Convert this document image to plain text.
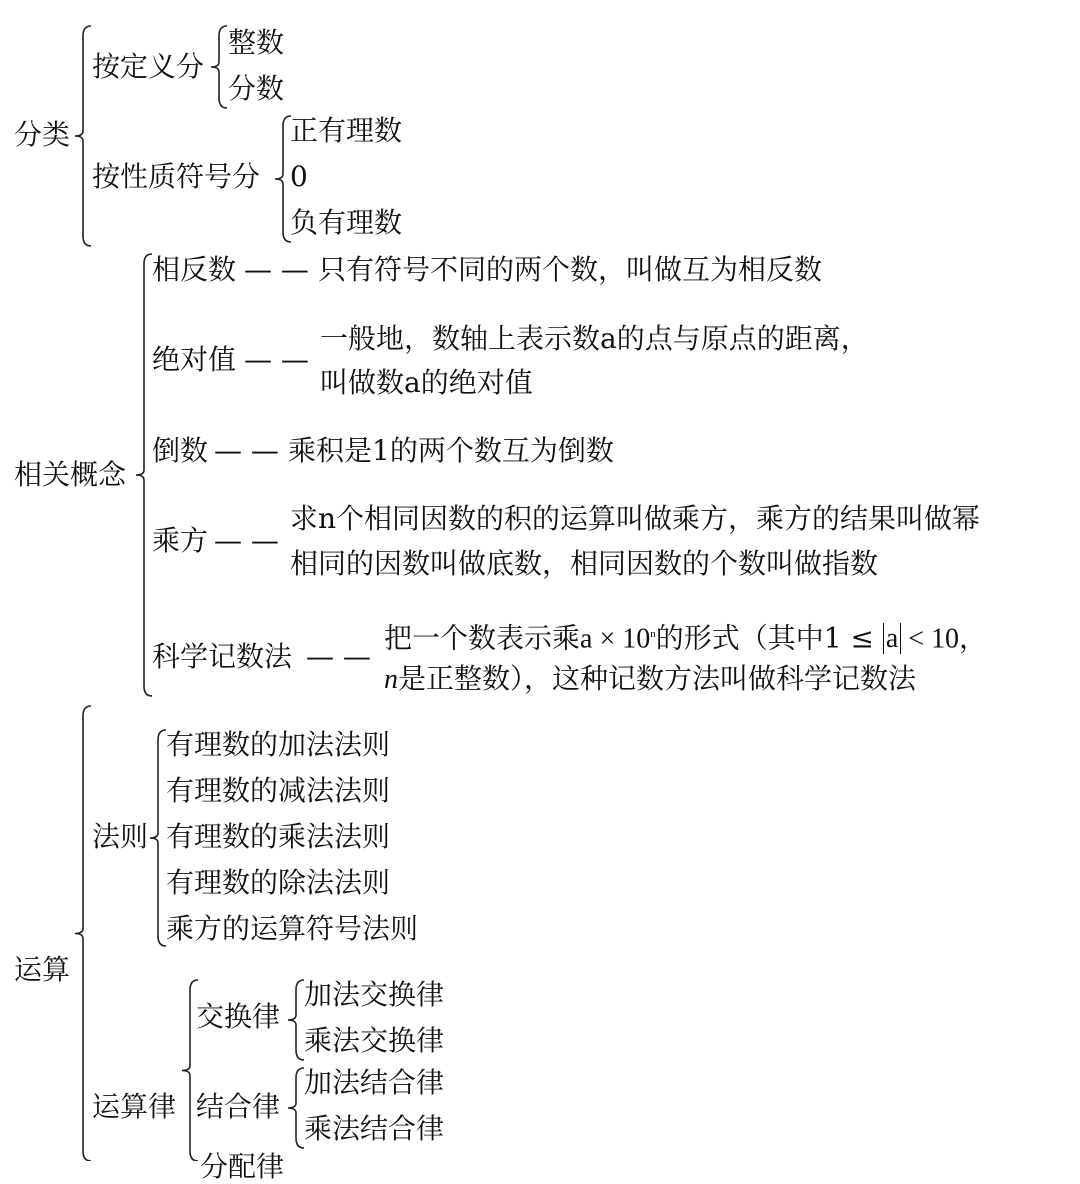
分类
按定义分
整数
分数
按性质符号分
正有理数
0
负有理数
相关概念
相反数 — — 只有符号不同的两个数，叫做互为相反数
绝对值 — —
一般地，数轴上表示数a的点与原点的距离，
叫做数a的绝对值
倒数 — — 乘积是1的两个数互为倒数
乘方 — —
求n个相同因数的积的运算叫做乘方，乘方的结果叫做幂
相同的因数叫做底数，相同因数的个数叫做指数
科学记数法 — —
把一个数表示乘$a \times 10^n$的形式（其中1 ≤ a < 10，
n是正整数），这种记数方法叫做科学记数法
运算
法则
有理数的加法法则
有理数的减法法则
有理数的乘法法则
有理数的除法法则
乘方的运算符号法则
运算律
交换律
加法交换律
乘法交换律
结合律
加法结合律
乘法结合律
分配律
